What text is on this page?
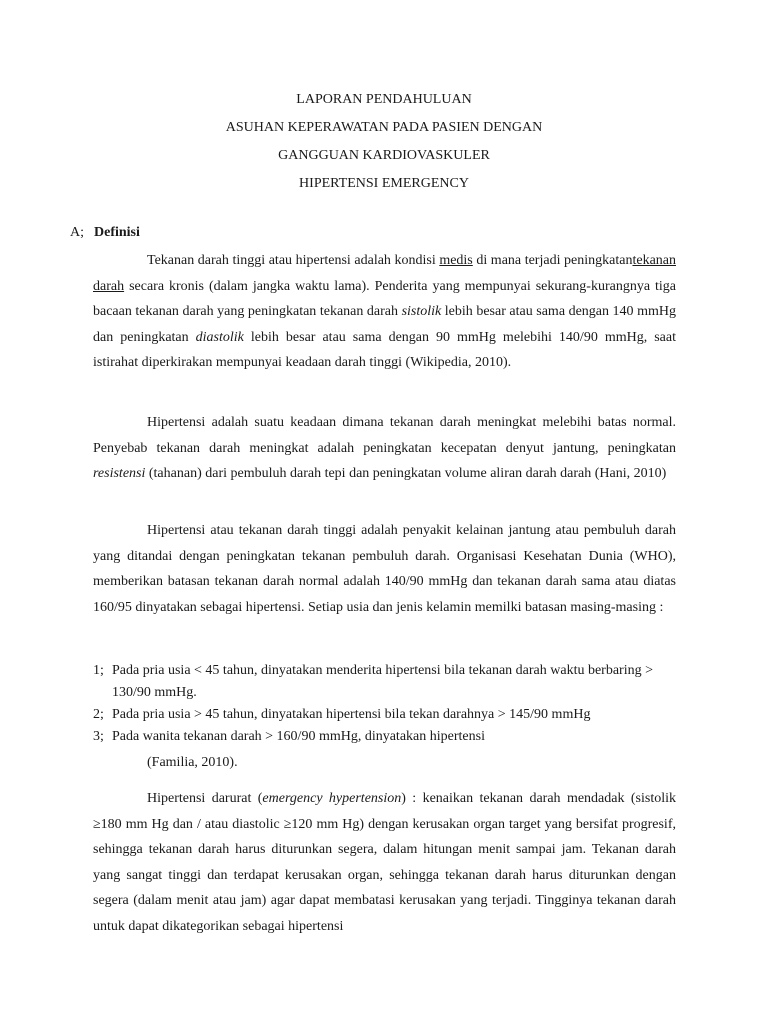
LAPORAN PENDAHULUAN
ASUHAN KEPERAWATAN PADA PASIEN DENGAN
GANGGUAN KARDIOVASKULER
HIPERTENSI EMERGENCY
A; Definisi

Tekanan darah tinggi atau hipertensi adalah kondisi medis di mana terjadi peningkatantekanan darah secara kronis (dalam jangka waktu lama). Penderita yang mempunyai sekurang-kurangnya tiga bacaan tekanan darah yang peningkatan tekanan darah sistolik lebih besar atau sama dengan 140 mmHg dan peningkatan diastolik lebih besar atau sama dengan 90 mmHg melebihi 140/90 mmHg, saat istirahat diperkirakan mempunyai keadaan darah tinggi (Wikipedia, 2010).

Hipertensi adalah suatu keadaan dimana tekanan darah meningkat melebihi batas normal. Penyebab tekanan darah meningkat adalah peningkatan kecepatan denyut jantung, peningkatan resistensi (tahanan) dari pembuluh darah tepi dan peningkatan volume aliran darah darah (Hani, 2010)

Hipertensi atau tekanan darah tinggi adalah penyakit kelainan jantung atau pembuluh darah yang ditandai dengan peningkatan tekanan pembuluh darah. Organisasi Kesehatan Dunia (WHO), memberikan batasan tekanan darah normal adalah 140/90 mmHg dan tekanan darah sama atau diatas 160/95 dinyatakan sebagai hipertensi. Setiap usia dan jenis kelamin memilki batasan masing-masing :

1; Pada pria usia < 45 tahun, dinyatakan menderita hipertensi bila tekanan darah waktu berbaring > 130/90 mmHg.
2; Pada pria usia > 45 tahun, dinyatakan hipertensi bila tekan darahnya > 145/90 mmHg
3; Pada wanita tekanan darah > 160/90 mmHg, dinyatakan hipertensi
(Familia, 2010).

Hipertensi darurat (emergency hypertension) : kenaikan tekanan darah mendadak (sistolik ≥180 mm Hg dan / atau diastolic ≥120 mm Hg) dengan kerusakan organ target yang bersifat progresif, sehingga tekanan darah harus diturunkan segera, dalam hitungan menit sampai jam. Tekanan darah yang sangat tinggi dan terdapat kerusakan organ, sehingga tekanan darah harus diturunkan dengan segera (dalam menit atau jam) agar dapat membatasi kerusakan yang terjadi. Tingginya tekanan darah untuk dapat dikategorikan sebagai hipertensi
